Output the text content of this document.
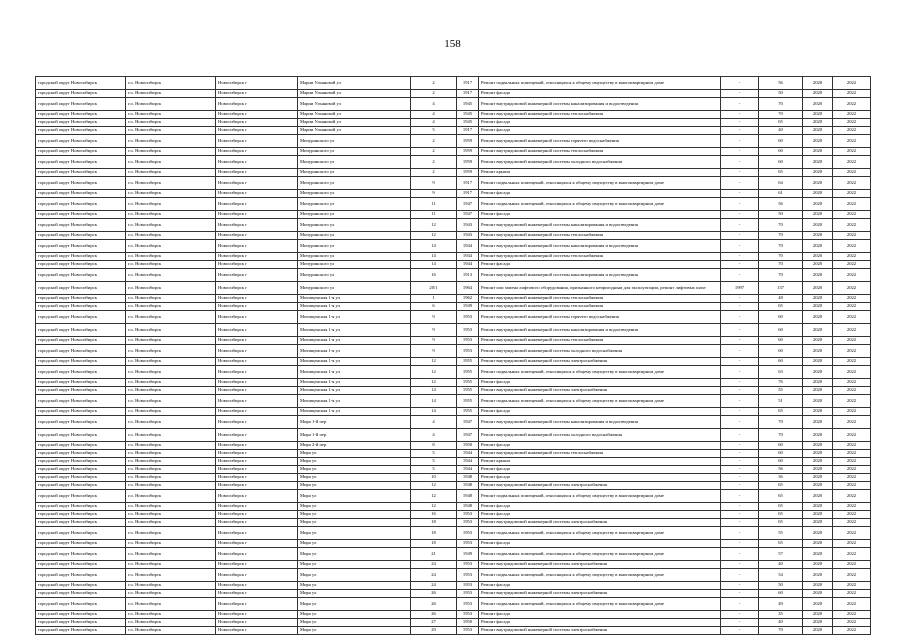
158
городской округ Новосибирск	г.о. Новосибирск	Новосибирск г	Марии Ульяновой ул	2	1917	Ремонт подвальных помещений, относящихся к общему имуществу в многоквартирном доме	-	56	2020	2022
городской округ Новосибирск	г.о. Новосибирск	Новосибирск г	Марии Ульяновой ул	2	1917	Ремонт фасада	-	50	2020	2022
городской округ Новосибирск	г.о. Новосибирск	Новосибирск г	Марии Ульяновой ул	4	1945	Ремонт внутридомовой инженерной системы канализирования и водоотведения	-	70	2020	2022
городской округ Новосибирск	г.о. Новосибирск	Новосибирск г	Марии Ульяновой ул	4	1945	Ремонт внутридомовой инженерной системы теплоснабжения	-	70	2020	2022
городской округ Новосибирск	г.о. Новосибирск	Новосибирск г	Марии Ульяновой ул	4	1945	Ремонт фасада	-	65	2020	2022
городской округ Новосибирск	г.о. Новосибирск	Новосибирск г	Марии Ульяновой ул	5	1917	Ремонт фасада	-	40	2020	2022
городской округ Новосибирск	г.о. Новосибирск	Новосибирск г	Мичуринского ул	2	1959	Ремонт внутридомовой инженерной системы горячего водоснабжения	-	60	2020	2022
городской округ Новосибирск	г.о. Новосибирск	Новосибирск г	Мичуринского ул	2	1959	Ремонт внутридомовой инженерной системы теплоснабжения	-	60	2020	2022
городской округ Новосибирск	г.о. Новосибирск	Новосибирск г	Мичуринского ул	2	1959	Ремонт внутридомовой инженерной системы холодного водоснабжения	-	60	2020	2022
городской округ Новосибирск	г.о. Новосибирск	Новосибирск г	Мичуринского ул	2	1959	Ремонт крыши	-	65	2020	2022
городской округ Новосибирск	г.о. Новосибирск	Новосибирск г	Мичуринского ул	9	1917	Ремонт подвальных помещений, относящихся к общему имуществу в многоквартирном доме	-	64	2020	2022
городской округ Новосибирск	г.о. Новосибирск	Новосибирск г	Мичуринского ул	9	1917	Ремонт фасада	-	61	2020	2022
городской округ Новосибирск	г.о. Новосибирск	Новосибирск г	Мичуринского ул	11	1947	Ремонт подвальных помещений, относящихся к общему имуществу в многоквартирном доме	-	56	2020	2022
городской округ Новосибирск	г.о. Новосибирск	Новосибирск г	Мичуринского ул	11	1947	Ремонт фасада	-	50	2020	2022
городской округ Новосибирск	г.о. Новосибирск	Новосибирск г	Мичуринского ул	12	1943	Ремонт внутридомовой инженерной системы канализирования и водоотведения	-	70	2020	2022
городской округ Новосибирск	г.о. Новосибирск	Новосибирск г	Мичуринского ул	12	1943	Ремонт внутридомовой инженерной системы теплоснабжения	-	70	2020	2022
городской округ Новосибирск	г.о. Новосибирск	Новосибирск г	Мичуринского ул	14	1944	Ремонт внутридомовой инженерной системы канализирования и водоотведения	-	70	2020	2022
городской округ Новосибирск	г.о. Новосибирск	Новосибирск г	Мичуринского ул	14	1944	Ремонт внутридомовой инженерной системы теплоснабжения	-	70	2020	2022
городской округ Новосибирск	г.о. Новосибирск	Новосибирск г	Мичуринского ул	14	1944	Ремонт фасада	-	70	2020	2022
городской округ Новосибирск	г.о. Новосибирск	Новосибирск г	Мичуринского ул	16	1913	Ремонт внутридомовой инженерной системы канализирования и водоотведения	-	70	2020	2022
городской округ Новосибирск	г.о. Новосибирск	Новосибирск г	Мичуринского ул	20/1	1964	Ремонт или замена лифтового оборудования, признанного непригодным для эксплуатации, ремонт лифтовых шахт	1997	137	2020	2022
городской округ Новосибирск	г.о. Новосибирск	Новосибирск г	Мочищенская 1-я ул	1	1962	Ремонт внутридомовой инженерной системы теплоснабжения	-	48	2020	2022
городской округ Новосибирск	г.о. Новосибирск	Новосибирск г	Мочищенская 1-я ул	6	1949	Ремонт внутридомовой инженерной системы теплоснабжения	-	65	2020	2022
городской округ Новосибирск	г.о. Новосибирск	Новосибирск г	Мочищенская 1-я ул	9	1953	Ремонт внутридомовой инженерной системы горячего водоснабжения	-	60	2020	2022
городской округ Новосибирск	г.о. Новосибирск	Новосибирск г	Мочищенская 1-я ул	9	1953	Ремонт внутридомовой инженерной системы канализирования и водоотведения	-	60	2020	2022
городской округ Новосибирск	г.о. Новосибирск	Новосибирск г	Мочищенская 1-я ул	9	1953	Ремонт внутридомовой инженерной системы теплоснабжения	-	60	2020	2022
городской округ Новосибирск	г.о. Новосибирск	Новосибирск г	Мочищенская 1-я ул	9	1953	Ремонт внутридомовой инженерной системы холодного водоснабжения	-	60	2020	2022
городской округ Новосибирск	г.о. Новосибирск	Новосибирск г	Мочищенская 1-я ул	12	1955	Ремонт внутридомовой инженерной системы электроснабжения	-	60	2020	2022
городской округ Новосибирск	г.о. Новосибирск	Новосибирск г	Мочищенская 1-я ул	12	1955	Ремонт подвальных помещений, относящихся к общему имуществу в многоквартирном доме	-	63	2020	2022
городской округ Новосибирск	г.о. Новосибирск	Новосибирск г	Мочищенская 1-я ул	12	1955	Ремонт фасада	-	76	2020	2022
городской округ Новосибирск	г.о. Новосибирск	Новосибирск г	Мочищенская 1-я ул	14	1955	Ремонт внутридомовой инженерной системы электроснабжения	-	55	2020	2022
городской округ Новосибирск	г.о. Новосибирск	Новосибирск г	Мочищенская 1-я ул	14	1955	Ремонт подвальных помещений, относящихся к общему имуществу в многоквартирном доме	-	51	2020	2022
городской округ Новосибирск	г.о. Новосибирск	Новосибирск г	Мочищенская 1-я ул	14	1955	Ремонт фасада	-	65	2020	2022
городской округ Новосибирск	г.о. Новосибирск	Новосибирск г	Мира 1-й пер	4	1947	Ремонт внутридомовой инженерной системы канализирования и водоотведения	-	70	2020	2022
городской округ Новосибирск	г.о. Новосибирск	Новосибирск г	Мира 1-й пер	4	1947	Ремонт внутридомовой инженерной системы холодного водоснабжения	-	70	2020	2022
городской округ Новосибирск	г.о. Новосибирск	Новосибирск г	Мира 2-й пер	8	1950	Ремонт фасада	-	60	2020	2022
городской округ Новосибирск	г.о. Новосибирск	Новосибирск г	Мира ул	5	1944	Ремонт внутридомовой инженерной системы теплоснабжения	-	60	2020	2022
городской округ Новосибирск	г.о. Новосибирск	Новосибирск г	Мира ул	5	1944	Ремонт крыши	-	60	2020	2022
городской округ Новосибирск	г.о. Новосибирск	Новосибирск г	Мира ул	5	1944	Ремонт фасада	-	56	2020	2022
городской округ Новосибирск	г.о. Новосибирск	Новосибирск г	Мира ул	10	1948	Ремонт фасада	-	36	2020	2022
городской округ Новосибирск	г.о. Новосибирск	Новосибирск г	Мира ул	12	1948	Ремонт внутридомовой инженерной системы электроснабжения	-	65	2020	2022
городской округ Новосибирск	г.о. Новосибирск	Новосибирск г	Мира ул	12	1948	Ремонт подвальных помещений, относящихся к общему имуществу в многоквартирном доме	-	65	2020	2022
городской округ Новосибирск	г.о. Новосибирск	Новосибирск г	Мира ул	12	1948	Ремонт фасада	-	65	2020	2022
городской округ Новосибирск	г.о. Новосибирск	Новосибирск г	Мира ул	16	1953	Ремонт фасада	-	65	2020	2022
городской округ Новосибирск	г.о. Новосибирск	Новосибирск г	Мира ул	18	1953	Ремонт внутридомовой инженерной системы электроснабжения	-	65	2020	2022
городской округ Новосибирск	г.о. Новосибирск	Новосибирск г	Мира ул	18	1953	Ремонт подвальных помещений, относящихся к общему имуществу в многоквартирном доме	-	55	2020	2022
городской округ Новосибирск	г.о. Новосибирск	Новосибирск г	Мира ул	18	1953	Ремонт фасада	-	65	2020	2022
городской округ Новосибирск	г.о. Новосибирск	Новосибирск г	Мира ул	21	1949	Ремонт подвальных помещений, относящихся к общему имуществу в многоквартирном доме	-	57	2020	2022
городской округ Новосибирск	г.о. Новосибирск	Новосибирск г	Мира ул	24	1953	Ремонт внутридомовой инженерной системы электроснабжения	-	40	2020	2022
городской округ Новосибирск	г.о. Новосибирск	Новосибирск г	Мира ул	24	1953	Ремонт подвальных помещений, относящихся к общему имуществу в многоквартирном доме	-	54	2020	2022
городской округ Новосибирск	г.о. Новосибирск	Новосибирск г	Мира ул	24	1953	Ремонт фасада	-	50	2020	2022
городской округ Новосибирск	г.о. Новосибирск	Новосибирск г	Мира ул	26	1953	Ремонт внутридомовой инженерной системы электроснабжения	-	60	2020	2022
городской округ Новосибирск	г.о. Новосибирск	Новосибирск г	Мира ул	26	1953	Ремонт подвальных помещений, относящихся к общему имуществу в многоквартирном доме	-	49	2020	2022
городской округ Новосибирск	г.о. Новосибирск	Новосибирск г	Мира ул	26	1953	Ремонт фасада	-	35	2020	2022
городской округ Новосибирск	г.о. Новосибирск	Новосибирск г	Мира ул	27	1950	Ремонт фасада	-	40	2020	2022
городской округ Новосибирск	г.о. Новосибирск	Новосибирск г	Мира ул	29	1953	Ремонт внутридомовой инженерной системы электроснабжения	-	70	2020	2022
